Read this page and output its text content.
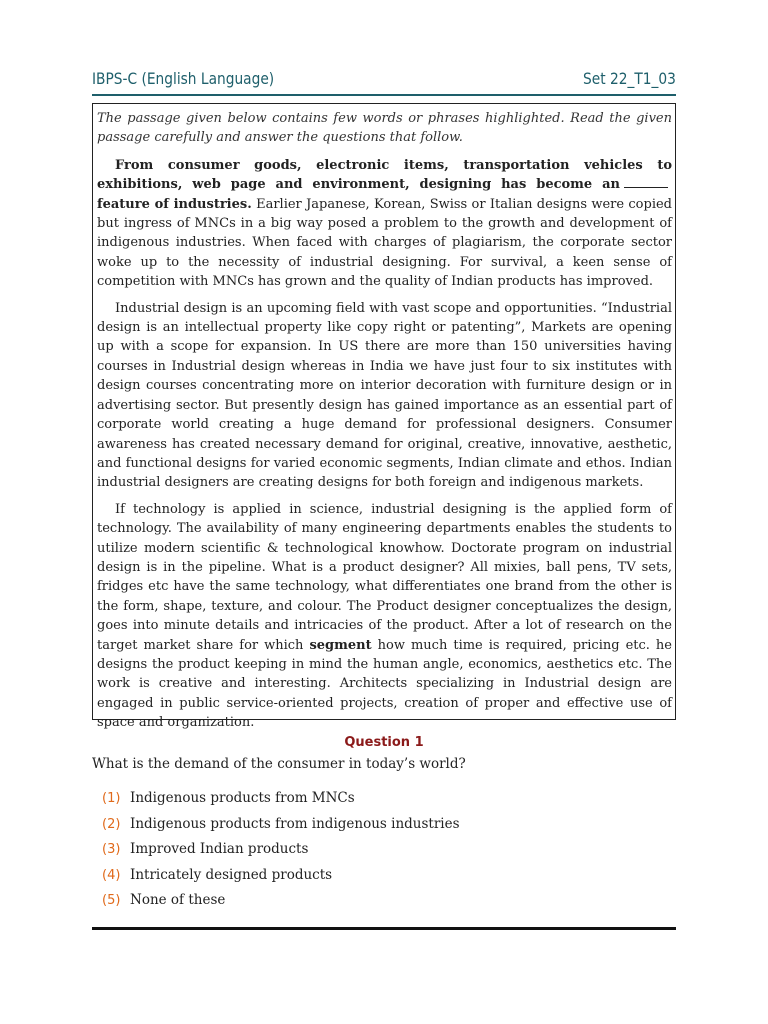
IBPS-C (English Language)	Set 22_T1_03

The passage given below contains few words or phrases highlighted. Read the given passage carefully and answer the questions that follow.

From consumer goods, electronic items, transportation vehicles to exhibitions, web page and environment, designing has become anfeature of industries. Earlier Japanese, Korean, Swiss or Italian designs were copied but ingress of MNCs in a big way posed a problem to the growth and development of indigenous industries. When faced with charges of plagiarism, the corporate sector woke up to the necessity of industrial designing. For survival, a keen sense of competition with MNCs has grown and the quality of Indian products has improved.

Industrial design is an upcoming field with vast scope and opportunities. “Industrial design is an intellectual property like copy right or patenting”, Markets are opening up with a scope for expansion. In US there are more than 150 universities having courses in Industrial design whereas in India we have just four to six institutes with design courses concentrating more on interior decoration with furniture design or in advertising sector. But presently design has gained importance as an essential part of corporate world creating a huge demand for professional designers. Consumer awareness has created necessary demand for original, creative, innovative, aesthetic, and functional designs for varied economic segments, Indian climate and ethos. Indian industrial designers are creating designs for both foreign and indigenous markets.

If technology is applied in science, industrial designing is the applied form of technology. The availability of many engineering departments enables the students to utilize modern scientific & technological knowhow. Doctorate program on industrial design is in the pipeline. What is a product designer? All mixies, ball pens, TV sets, fridges etc have the same technology, what differentiates one brand from the other is the form, shape, texture, and colour. The Product designer conceptualizes the design, goes into minute details and intricacies of the product. After a lot of research on the target market share for which segment how much time is required, pricing etc. he designs the product keeping in mind the human angle, economics, aesthetics etc. The work is creative and interesting. Architects specializing in Industrial design are engaged in public service-oriented projects, creation of proper and effective use of space and organization.

Question 1
What is the demand of the consumer in today’s world?
(1) Indigenous products from MNCs
(2) Indigenous products from indigenous industries
(3) Improved Indian products
(4) Intricately designed products
(5) None of these
